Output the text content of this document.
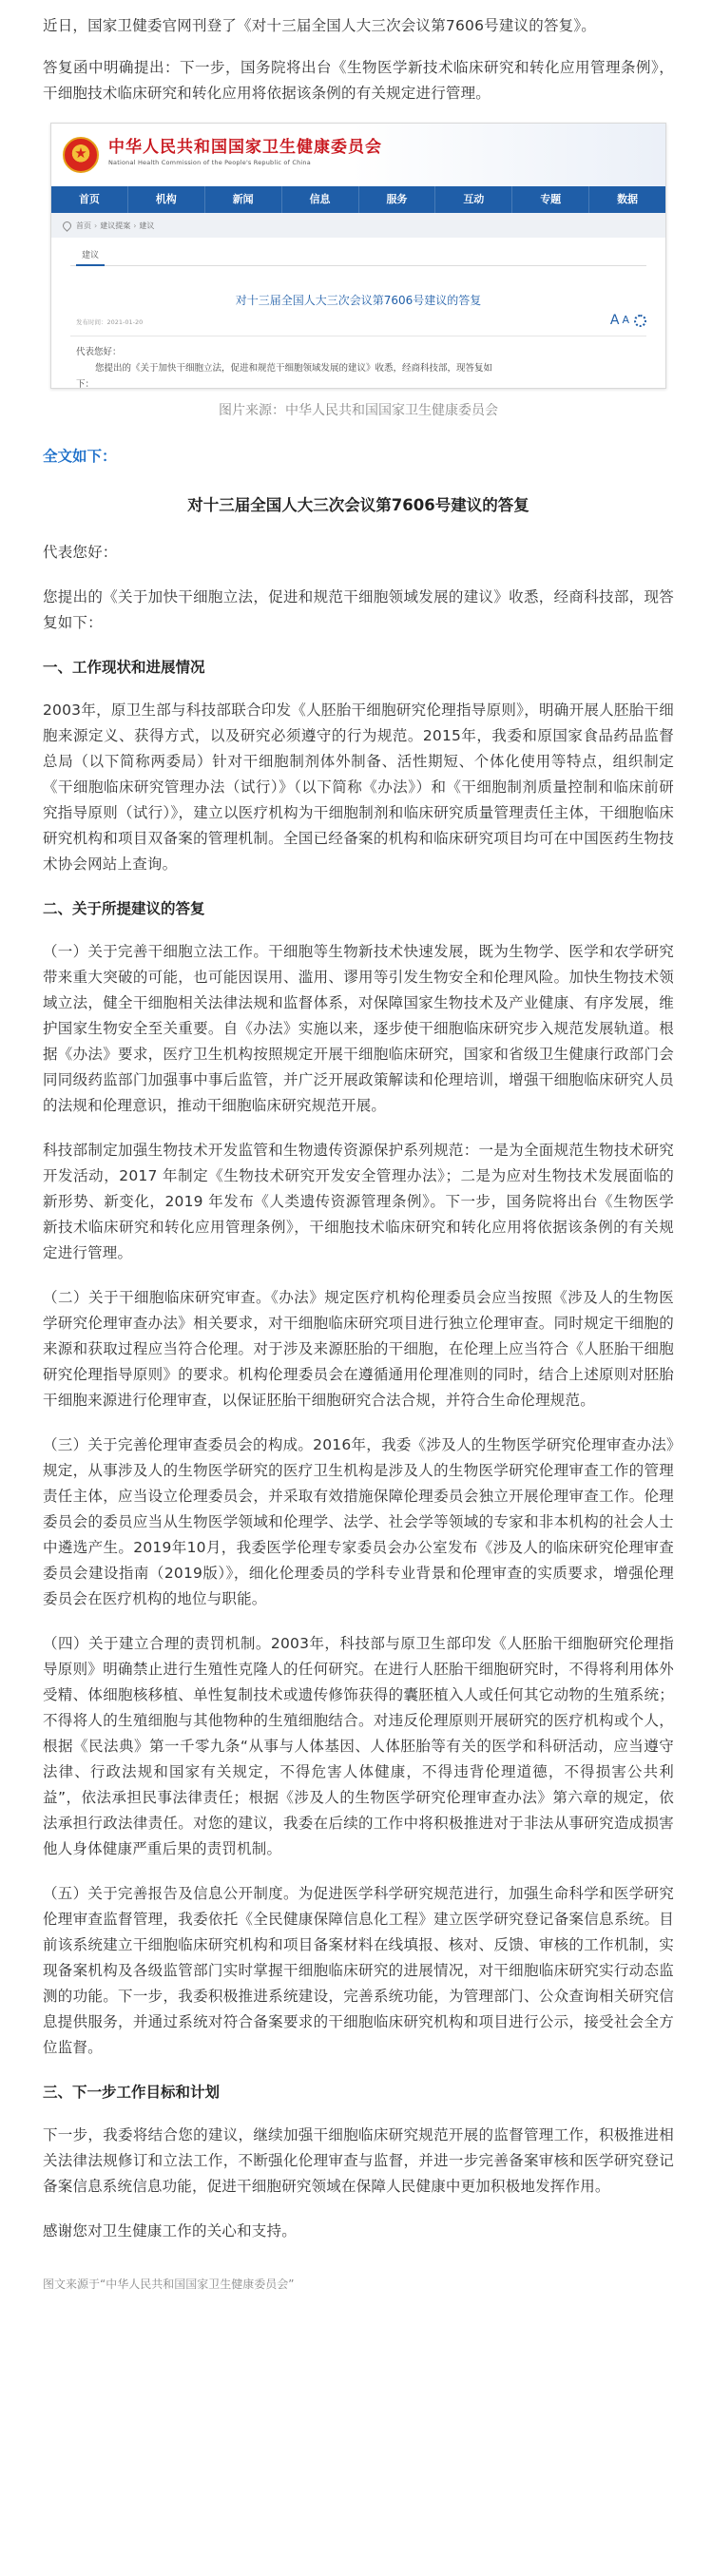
近日，国家卫健委官网刊登了《对十三届全国人大三次会议第7606号建议的答复》。

答复函中明确提出：下一步，国务院将出台《生物医学新技术临床研究和转化应用管理条例》，干细胞技术临床研究和转化应用将依据该条例的有关规定进行管理。

★
中华人民共和国国家卫生健康委员会
National Health Commission of the People's Republic of China
首页	机构	新闻	信息	服务	互动	专题	数据
首页 › 建议提案 › 建议
建议
对十三届全国人大三次会议第7606号建议的答复
发布时间：2021-01-20	A A
代表您好：
您提出的《关于加快干细胞立法，促进和规范干细胞领域发展的建议》收悉，经商科技部，现答复如
下：
图片来源：中华人民共和国国家卫生健康委员会
全文如下：
对十三届全国人大三次会议第7606号建议的答复

代表您好：

您提出的《关于加快干细胞立法，促进和规范干细胞领域发展的建议》收悉，经商科技部，现答复如下：

一、工作现状和进展情况

2003年，原卫生部与科技部联合印发《人胚胎干细胞研究伦理指导原则》，明确开展人胚胎干细胞来源定义、获得方式，以及研究必须遵守的行为规范。2015年，我委和原国家食品药品监督总局（以下简称两委局）针对干细胞制剂体外制备、活性期短、个体化使用等特点，组织制定《干细胞临床研究管理办法（试行）》（以下简称《办法》）和《干细胞制剂质量控制和临床前研究指导原则（试行）》，建立以医疗机构为干细胞制剂和临床研究质量管理责任主体，干细胞临床研究机构和项目双备案的管理机制。全国已经备案的机构和临床研究项目均可在中国医药生物技术协会网站上查询。

二、关于所提建议的答复

（一）关于完善干细胞立法工作。干细胞等生物新技术快速发展，既为生物学、医学和农学研究带来重大突破的可能，也可能因误用、滥用、谬用等引发生物安全和伦理风险。加快生物技术领域立法，健全干细胞相关法律法规和监督体系，对保障国家生物技术及产业健康、有序发展，维护国家生物安全至关重要。自《办法》实施以来，逐步使干细胞临床研究步入规范发展轨道。根据《办法》要求，医疗卫生机构按照规定开展干细胞临床研究，国家和省级卫生健康行政部门会同同级药监部门加强事中事后监管，并广泛开展政策解读和伦理培训，增强干细胞临床研究人员的法规和伦理意识，推动干细胞临床研究规范开展。

科技部制定加强生物技术开发监管和生物遗传资源保护系列规范：一是为全面规范生物技术研究开发活动，2017 年制定《生物技术研究开发安全管理办法》；二是为应对生物技术发展面临的新形势、新变化，2019 年发布《人类遗传资源管理条例》。下一步，国务院将出台《生物医学新技术临床研究和转化应用管理条例》，干细胞技术临床研究和转化应用将依据该条例的有关规定进行管理。

（二）关于干细胞临床研究审查。《办法》规定医疗机构伦理委员会应当按照《涉及人的生物医学研究伦理审查办法》相关要求，对干细胞临床研究项目进行独立伦理审查。同时规定干细胞的来源和获取过程应当符合伦理。对于涉及来源胚胎的干细胞，在伦理上应当符合《人胚胎干细胞研究伦理指导原则》的要求。机构伦理委员会在遵循通用伦理准则的同时，结合上述原则对胚胎干细胞来源进行伦理审查，以保证胚胎干细胞研究合法合规，并符合生命伦理规范。

（三）关于完善伦理审查委员会的构成。2016年，我委《涉及人的生物医学研究伦理审查办法》规定，从事涉及人的生物医学研究的医疗卫生机构是涉及人的生物医学研究伦理审查工作的管理责任主体，应当设立伦理委员会，并采取有效措施保障伦理委员会独立开展伦理审查工作。伦理委员会的委员应当从生物医学领域和伦理学、法学、社会学等领域的专家和非本机构的社会人士中遴选产生。2019年10月，我委医学伦理专家委员会办公室发布《涉及人的临床研究伦理审查委员会建设指南（2019版）》，细化伦理委员的学科专业背景和伦理审查的实质要求，增强伦理委员会在医疗机构的地位与职能。

（四）关于建立合理的责罚机制。2003年，科技部与原卫生部印发《人胚胎干细胞研究伦理指导原则》明确禁止进行生殖性克隆人的任何研究。在进行人胚胎干细胞研究时，不得将利用体外受精、体细胞核移植、单性复制技术或遗传修饰获得的囊胚植入人或任何其它动物的生殖系统；不得将人的生殖细胞与其他物种的生殖细胞结合。对违反伦理原则开展研究的医疗机构或个人，根据《民法典》第一千零九条“从事与人体基因、人体胚胎等有关的医学和科研活动，应当遵守法律、行政法规和国家有关规定，不得危害人体健康，不得违背伦理道德，不得损害公共利益”，依法承担民事法律责任；根据《涉及人的生物医学研究伦理审查办法》第六章的规定，依法承担行政法律责任。对您的建议，我委在后续的工作中将积极推进对于非法从事研究造成损害他人身体健康严重后果的责罚机制。

（五）关于完善报告及信息公开制度。为促进医学科学研究规范进行，加强生命科学和医学研究伦理审查监督管理，我委依托《全民健康保障信息化工程》建立医学研究登记备案信息系统。目前该系统建立干细胞临床研究机构和项目备案材料在线填报、核对、反馈、审核的工作机制，实现备案机构及各级监管部门实时掌握干细胞临床研究的进展情况，对干细胞临床研究实行动态监测的功能。下一步，我委积极推进系统建设，完善系统功能，为管理部门、公众查询相关研究信息提供服务，并通过系统对符合备案要求的干细胞临床研究机构和项目进行公示，接受社会全方位监督。

三、下一步工作目标和计划

下一步，我委将结合您的建议，继续加强干细胞临床研究规范开展的监督管理工作，积极推进相关法律法规修订和立法工作，不断强化伦理审查与监督，并进一步完善备案审核和医学研究登记备案信息系统信息功能，促进干细胞研究领域在保障人民健康中更加积极地发挥作用。

感谢您对卫生健康工作的关心和支持。

图文来源于“中华人民共和国国家卫生健康委员会”
